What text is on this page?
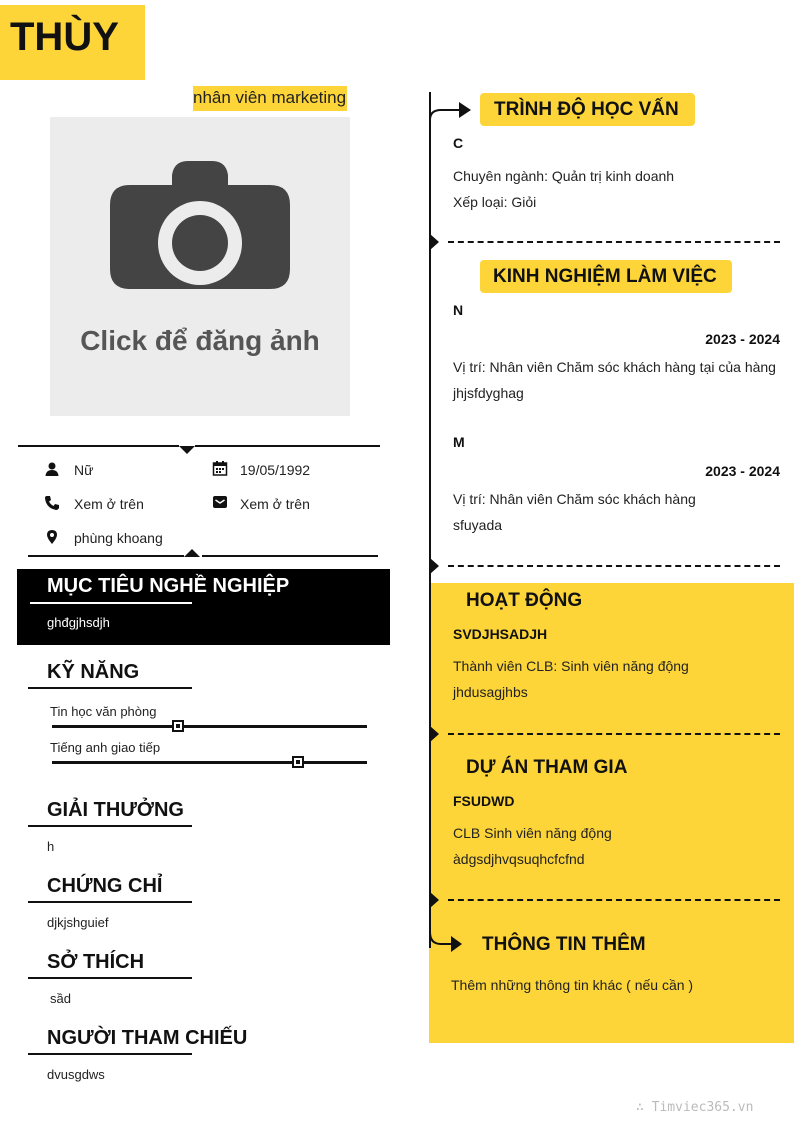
THÙY
nhân viên marketing
Click để đăng ảnh
Nữ	19/05/1992
Xem ở trên	Xem ở trên
phùng khoang
MỤC TIÊU NGHỀ NGHIỆP
ghđgjhsdjh
KỸ NĂNG
Tin học văn phòng
Tiếng anh giao tiếp
GIẢI THƯỞNG
h
CHỨNG CHỈ
djkjshguief
SỞ THÍCH
sầd
NGƯỜI THAM CHIẾU
dvusgdws
TRÌNH ĐỘ HỌC VẤN
C
Chuyên ngành: Quản trị kinh doanh
Xếp loại: Giỏi
KINH NGHIỆM LÀM VIỆC
N
2023 - 2024
Vị trí: Nhân viên Chăm sóc khách hàng tại của hàng
jhjsfdyghag
M
2023 - 2024
Vị trí: Nhân viên Chăm sóc khách hàng
sfuyada
HOẠT ĐỘNG
SVDJHSADJH
Thành viên CLB: Sinh viên năng động
jhdusagjhbs
DỰ ÁN THAM GIA
FSUDWD
CLB Sinh viên năng động
àdgsdjhvqsuqhcfcfnd
THÔNG TIN THÊM
Thêm những thông tin khác ( nếu cần )
∴ Timviec365.vn
